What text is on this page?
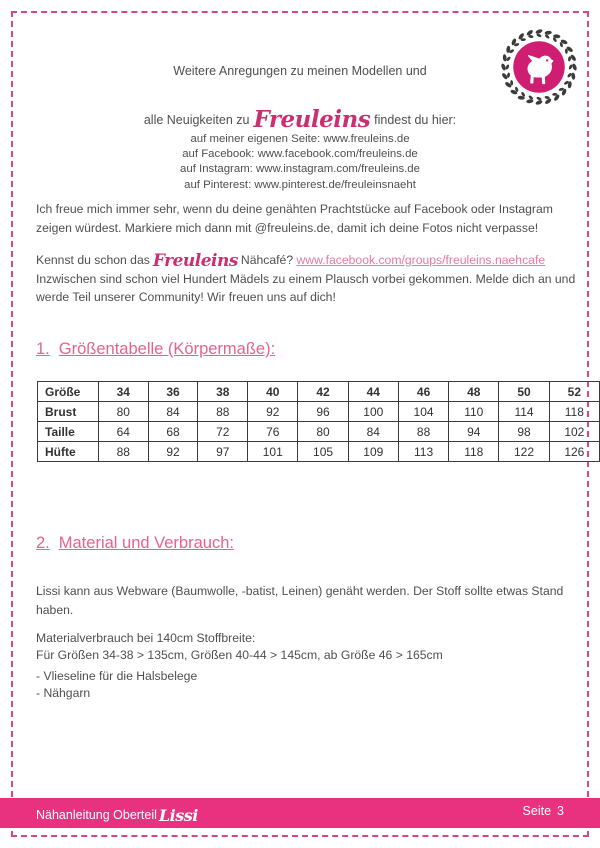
Weitere Anregungen zu meinen Modellen und
alle Neuigkeiten zu Freuleins findest du hier:
auf meiner eigenen Seite: www.freuleins.de
auf Facebook: www.facebook.com/freuleins.de
auf Instagram: www.instagram.com/freuleins.de
auf Pinterest: www.pinterest.de/freuleinsnaeht
Ich freue mich immer sehr, wenn du deine genähten Prachtstücke auf Facebook oder Instagram zeigen würdest. Markiere mich dann mit @freuleins.de, damit ich deine Fotos nicht verpasse!
Kennst du schon das Freuleins Nähcafé? www.facebook.com/groups/freuleins.naehcafe
Inzwischen sind schon viel Hundert Mädels zu einem Plausch vorbei gekommen. Melde dich an und werde Teil unserer Community! Wir freuen uns auf dich!
1. Größentabelle (Körpermaße):
Größe	34	36	38	40	42	44	46	48	50	52
Brust	80	84	88	92	96	100	104	110	114	118
Taille	64	68	72	76	80	84	88	94	98	102
Hüfte	88	92	97	101	105	109	113	118	122	126
2. Material und Verbrauch:
Lissi kann aus Webware (Baumwolle, -batist, Leinen) genäht werden. Der Stoff sollte etwas Stand haben.
Materialverbrauch bei 140cm Stoffbreite:
Für Größen 34-38 > 135cm, Größen 40-44 > 145cm, ab Größe 46 > 165cm
- Vlieseline für die Halsbelege
- Nähgarn
Nähanleitung Oberteil Lissi	Seite 3
